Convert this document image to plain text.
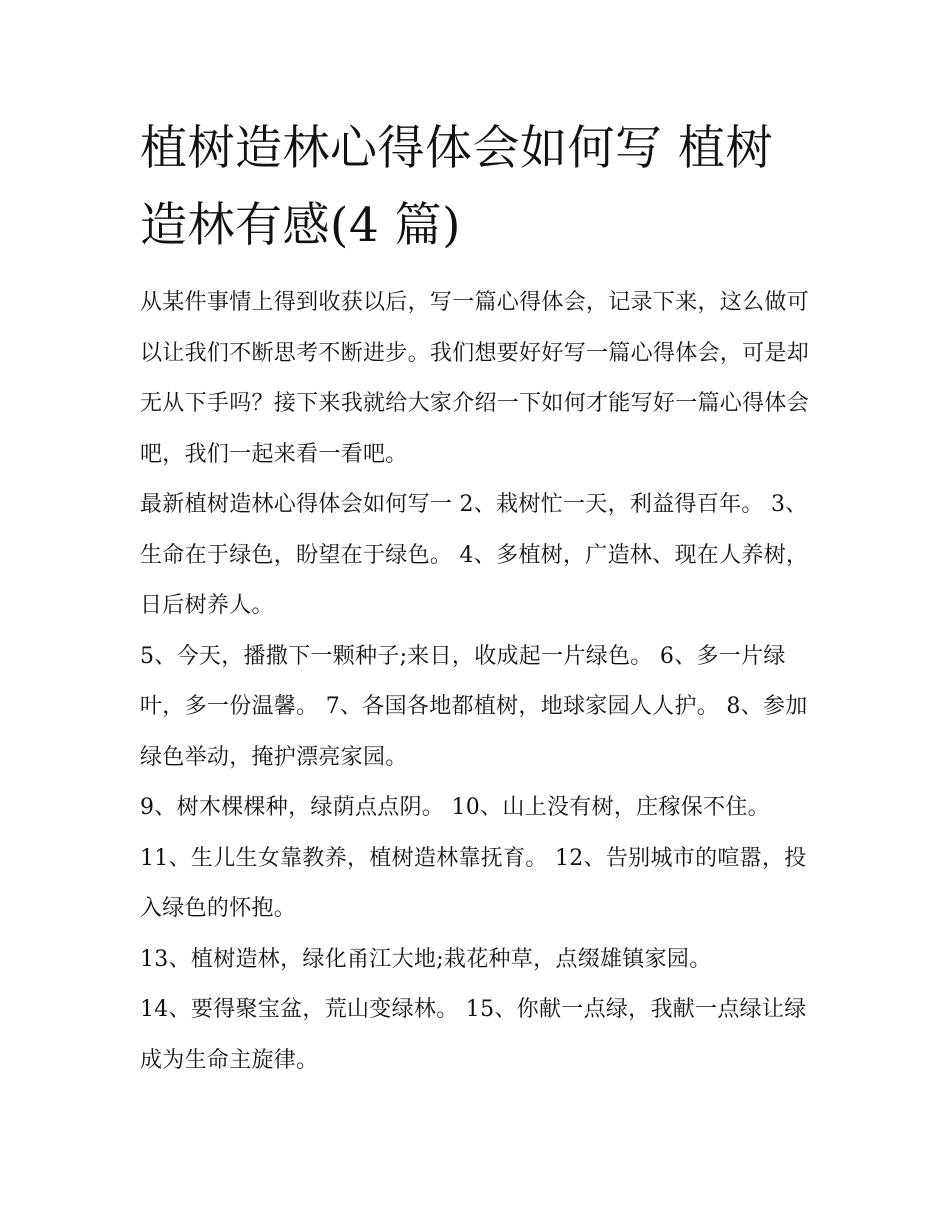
植树造林心得体会如何写 植树造林有感(4 篇)

从某件事情上得到收获以后，写一篇心得体会，记录下来，这么做可以让我们不断思考不断进步。我们想要好好写一篇心得体会，可是却无从下手吗？接下来我就给大家介绍一下如何才能写好一篇心得体会吧，我们一起来看一看吧。

最新植树造林心得体会如何写一 2、栽树忙一天，利益得百年。 3、生命在于绿色，盼望在于绿色。 4、多植树，广造林、现在人养树，日后树养人。

5、今天，播撒下一颗种子;来日，收成起一片绿色。 6、多一片绿叶，多一份温馨。 7、各国各地都植树，地球家园人人护。 8、参加绿色举动，掩护漂亮家园。

9、树木棵棵种，绿荫点点阴。 10、山上没有树，庄稼保不住。 11、生儿生女靠教养，植树造林靠抚育。 12、告别城市的喧嚣，投入绿色的怀抱。

13、植树造林，绿化甬江大地;栽花种草，点缀雄镇家园。

14、要得聚宝盆，荒山变绿林。 15、你献一点绿，我献一点绿让绿成为生命主旋律。
